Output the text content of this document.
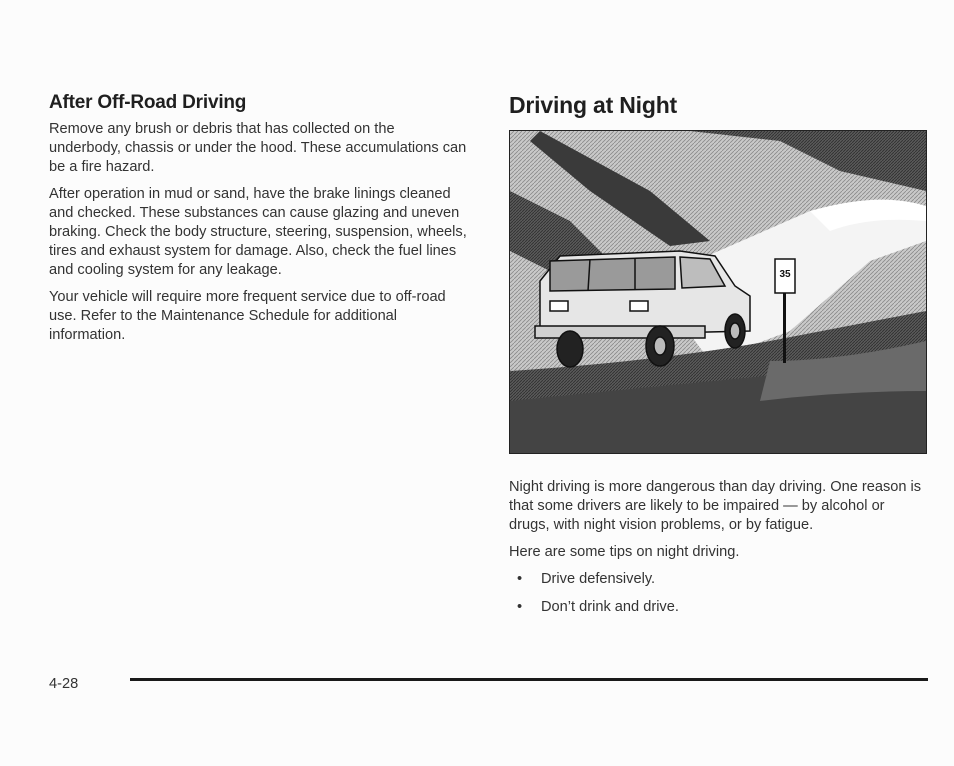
After Off-Road Driving

Remove any brush or debris that has collected on the underbody, chassis or under the hood. These accumulations can be a fire hazard.

After operation in mud or sand, have the brake linings cleaned and checked. These substances can cause glazing and uneven braking. Check the body structure, steering, suspension, wheels, tires and exhaust system for damage. Also, check the fuel lines and cooling system for any leakage.

Your vehicle will require more frequent service due to off-road use. Refer to the Maintenance Schedule for additional information.

Driving at Night
35

Night driving is more dangerous than day driving. One reason is that some drivers are likely to be impaired — by alcohol or drugs, with night vision problems, or by fatigue.

Here are some tips on night driving.

•	Drive defensively.
•	Don’t drink and drive.
4-28
